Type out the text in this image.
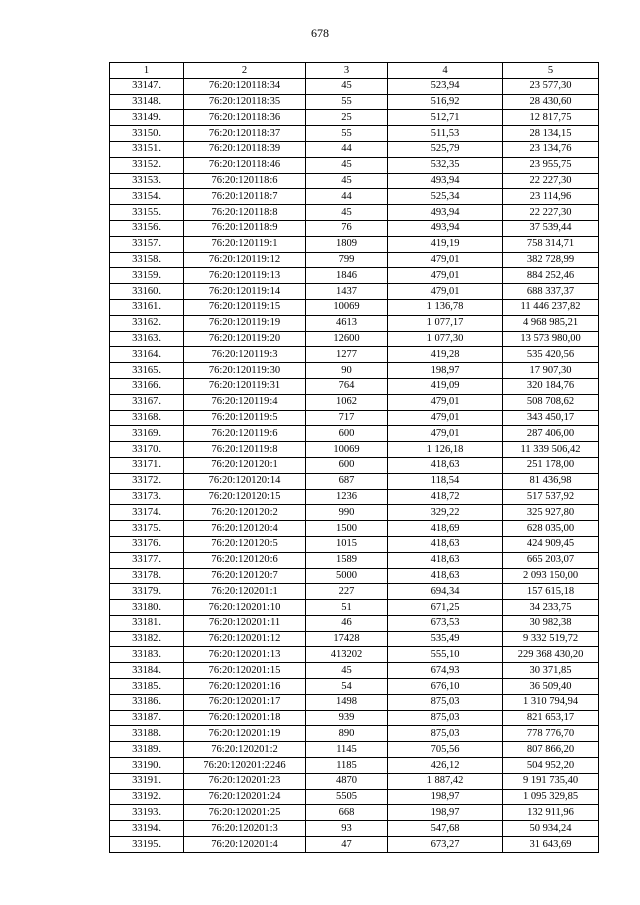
678
1	2	3	4	5
33147.	76:20:120118:34	45	523,94	23 577,30
33148.	76:20:120118:35	55	516,92	28 430,60
33149.	76:20:120118:36	25	512,71	12 817,75
33150.	76:20:120118:37	55	511,53	28 134,15
33151.	76:20:120118:39	44	525,79	23 134,76
33152.	76:20:120118:46	45	532,35	23 955,75
33153.	76:20:120118:6	45	493,94	22 227,30
33154.	76:20:120118:7	44	525,34	23 114,96
33155.	76:20:120118:8	45	493,94	22 227,30
33156.	76:20:120118:9	76	493,94	37 539,44
33157.	76:20:120119:1	1809	419,19	758 314,71
33158.	76:20:120119:12	799	479,01	382 728,99
33159.	76:20:120119:13	1846	479,01	884 252,46
33160.	76:20:120119:14	1437	479,01	688 337,37
33161.	76:20:120119:15	10069	1 136,78	11 446 237,82
33162.	76:20:120119:19	4613	1 077,17	4 968 985,21
33163.	76:20:120119:20	12600	1 077,30	13 573 980,00
33164.	76:20:120119:3	1277	419,28	535 420,56
33165.	76:20:120119:30	90	198,97	17 907,30
33166.	76:20:120119:31	764	419,09	320 184,76
33167.	76:20:120119:4	1062	479,01	508 708,62
33168.	76:20:120119:5	717	479,01	343 450,17
33169.	76:20:120119:6	600	479,01	287 406,00
33170.	76:20:120119:8	10069	1 126,18	11 339 506,42
33171.	76:20:120120:1	600	418,63	251 178,00
33172.	76:20:120120:14	687	118,54	81 436,98
33173.	76:20:120120:15	1236	418,72	517 537,92
33174.	76:20:120120:2	990	329,22	325 927,80
33175.	76:20:120120:4	1500	418,69	628 035,00
33176.	76:20:120120:5	1015	418,63	424 909,45
33177.	76:20:120120:6	1589	418,63	665 203,07
33178.	76:20:120120:7	5000	418,63	2 093 150,00
33179.	76:20:120201:1	227	694,34	157 615,18
33180.	76:20:120201:10	51	671,25	34 233,75
33181.	76:20:120201:11	46	673,53	30 982,38
33182.	76:20:120201:12	17428	535,49	9 332 519,72
33183.	76:20:120201:13	413202	555,10	229 368 430,20
33184.	76:20:120201:15	45	674,93	30 371,85
33185.	76:20:120201:16	54	676,10	36 509,40
33186.	76:20:120201:17	1498	875,03	1 310 794,94
33187.	76:20:120201:18	939	875,03	821 653,17
33188.	76:20:120201:19	890	875,03	778 776,70
33189.	76:20:120201:2	1145	705,56	807 866,20
33190.	76:20:120201:2246	1185	426,12	504 952,20
33191.	76:20:120201:23	4870	1 887,42	9 191 735,40
33192.	76:20:120201:24	5505	198,97	1 095 329,85
33193.	76:20:120201:25	668	198,97	132 911,96
33194.	76:20:120201:3	93	547,68	50 934,24
33195.	76:20:120201:4	47	673,27	31 643,69
